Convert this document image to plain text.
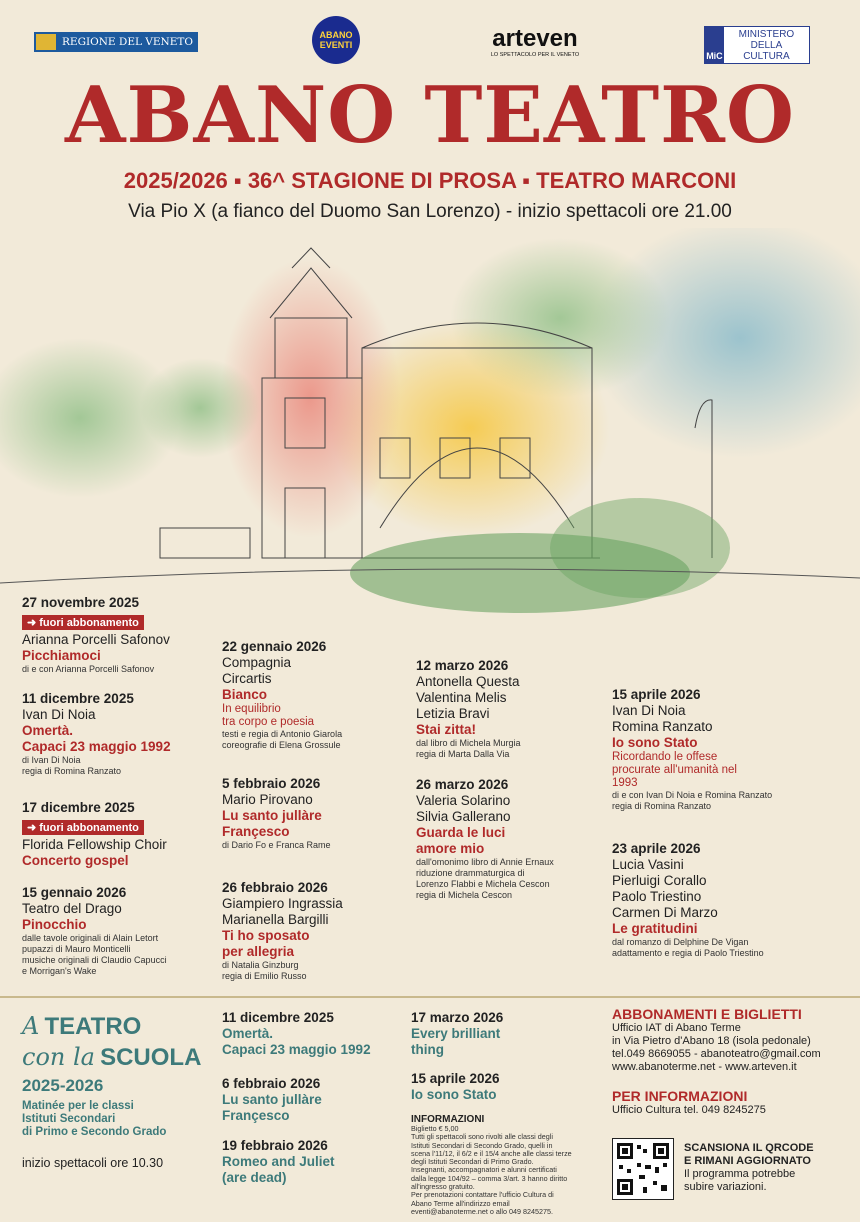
REGIONE DEL VENETO
ABANO EVENTI	arteven
LO SPETTACOLO PER IL VENETO	MiC
MINISTERO DELLA CULTURA
ABANO TEATRO
2025/2026 ▪ 36^ STAGIONE DI PROSA ▪ TEATRO MARCONI
Via Pio X (a fianco del Duomo San Lorenzo) - inizio spettacoli ore 21.00
27 novembre 2025
➜ fuori abbonamento
Arianna Porcelli Safonov
Picchiamoci
di e con Arianna Porcelli Safonov
11 dicembre 2025
Ivan Di Noia
Omertà.
Capaci 23 maggio 1992
di Ivan Di Noia
regia di Romina Ranzato
17 dicembre 2025
➜ fuori abbonamento
Florida Fellowship Choir
Concerto gospel
15 gennaio 2026
Teatro del Drago
Pinocchio
dalle tavole originali di Alain Letort
pupazzi di Mauro Monticelli
musiche originali di Claudio Capucci
e Morrigan's Wake
22 gennaio 2026
Compagnia
Circartis
Bianco
In equilibrio
tra corpo e poesia
testi e regia di Antonio Giarola
coreografie di Elena Grossule
5 febbraio 2026
Mario Pirovano
Lu santo jullàre
Françesco
di Dario Fo e Franca Rame
26 febbraio 2026
Giampiero Ingrassia
Marianella Bargilli
Ti ho sposato
per allegria
di Natalia Ginzburg
regia di Emilio Russo
12 marzo 2026
Antonella Questa
Valentina Melis
Letizia Bravi
Stai zitta!
dal libro di Michela Murgia
regia di Marta Dalla Via
26 marzo 2026
Valeria Solarino
Silvia Gallerano
Guarda le luci
amore mio
dall'omonimo libro di Annie Ernaux
riduzione drammaturgica di
Lorenzo Flabbi e Michela Cescon
regia di Michela Cescon
15 aprile 2026
Ivan Di Noia
Romina Ranzato
Io sono Stato
Ricordando le offese
procurate all'umanità nel
1993
di e con Ivan Di Noia e Romina Ranzato
regia di Romina Ranzato
23 aprile 2026
Lucia Vasini
Pierluigi Corallo
Paolo Triestino
Carmen Di Marzo
Le gratitudini
dal romanzo di Delphine De Vigan
adattamento e regia di Paolo Triestino
A TEATRO
con la SCUOLA
2025-2026
Matinée per le classi
Istituti Secondari
di Primo e Secondo Grado
inizio spettacoli ore 10.30
11 dicembre 2025
Omertà.
Capaci 23 maggio 1992
6 febbraio 2026
Lu santo jullàre
Françesco
19 febbraio 2026
Romeo and Juliet
(are dead)
17 marzo 2026
Every brilliant
thing
15 aprile 2026
Io sono Stato
INFORMAZIONI
Biglietto € 5,00
Tutti gli spettacoli sono rivolti alle classi degli
Istituti Secondari di Secondo Grado, quelli in
scena l'11/12, il 6/2 e il 15/4 anche alle classi terze
degli Istituti Secondari di Primo Grado.
Insegnanti, accompagnatori e alunni certificati
dalla legge 104/92 – comma 3/art. 3 hanno diritto
all'ingresso gratuito.
Per prenotazioni contattare l'ufficio Cultura di
Abano Terme all'indirizzo email
eventi@abanoterme.net o allo 049 8245275.
ABBONAMENTI E BIGLIETTI
Ufficio IAT di Abano Terme
in Via Pietro d'Abano 18 (isola pedonale)
tel.049 8669055 - abanoteatro@gmail.com
www.abanoterme.net - www.arteven.it
PER INFORMAZIONI
Ufficio Cultura tel. 049 8245275
SCANSIONA IL QRCODE
E RIMANI AGGIORNATO
Il programma potrebbe
subire variazioni.
